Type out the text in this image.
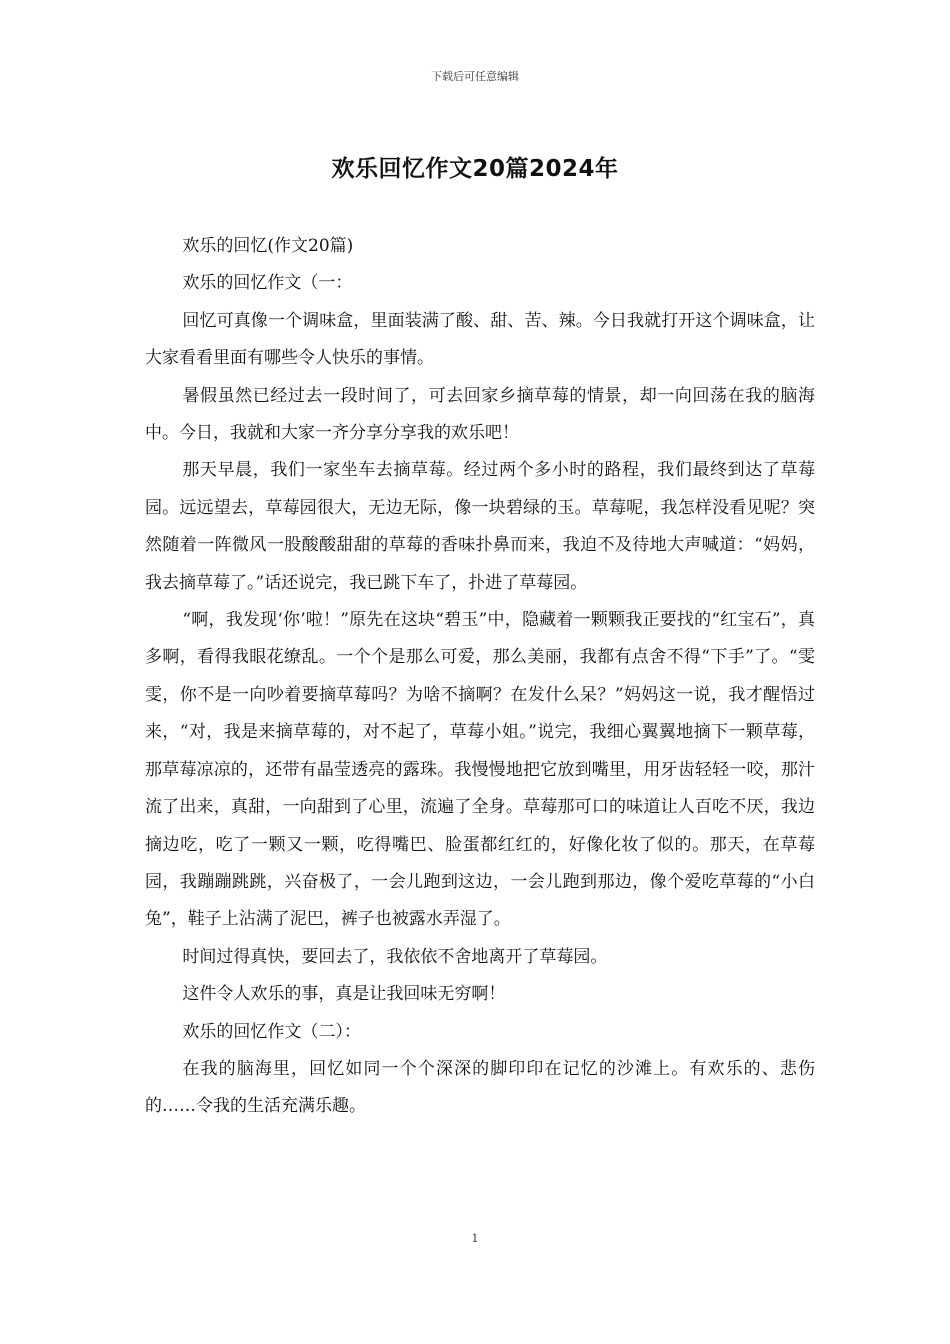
下载后可任意编辑
欢乐回忆作文20篇2024年

欢乐的回忆(作文20篇)

欢乐的回忆作文（一：

回忆可真像一个调味盒，里面装满了酸、甜、苦、辣。今日我就打开这个调味盒，让大家看看里面有哪些令人快乐的事情。

暑假虽然已经过去一段时间了，可去回家乡摘草莓的情景，却一向回荡在我的脑海中。今日，我就和大家一齐分享分享我的欢乐吧！

那天早晨，我们一家坐车去摘草莓。经过两个多小时的路程，我们最终到达了草莓园。远远望去，草莓园很大，无边无际，像一块碧绿的玉。草莓呢，我怎样没看见呢？突然随着一阵微风一股酸酸甜甜的草莓的香味扑鼻而来，我迫不及待地大声喊道：“妈妈，我去摘草莓了。”话还说完，我已跳下车了，扑进了草莓园。

“啊，我发现‘你’啦！”原先在这块“碧玉”中，隐藏着一颗颗我正要找的“红宝石”，真多啊，看得我眼花缭乱。一个个是那么可爱，那么美丽，我都有点舍不得“下手”了。“雯雯，你不是一向吵着要摘草莓吗？为啥不摘啊？在发什么呆？”妈妈这一说，我才醒悟过来，“对，我是来摘草莓的，对不起了，草莓小姐。”说完，我细心翼翼地摘下一颗草莓，那草莓凉凉的，还带有晶莹透亮的露珠。我慢慢地把它放到嘴里，用牙齿轻轻一咬，那汁流了出来，真甜，一向甜到了心里，流遍了全身。草莓那可口的味道让人百吃不厌，我边摘边吃，吃了一颗又一颗，吃得嘴巴、脸蛋都红红的，好像化妆了似的。那天，在草莓园，我蹦蹦跳跳，兴奋极了，一会儿跑到这边，一会儿跑到那边，像个爱吃草莓的“小白兔”，鞋子上沾满了泥巴，裤子也被露水弄湿了。

时间过得真快，要回去了，我依依不舍地离开了草莓园。

这件令人欢乐的事，真是让我回味无穷啊！

欢乐的回忆作文（二）：

在我的脑海里，回忆如同一个个深深的脚印印在记忆的沙滩上。有欢乐的、悲伤的……令我的生活充满乐趣。

1
